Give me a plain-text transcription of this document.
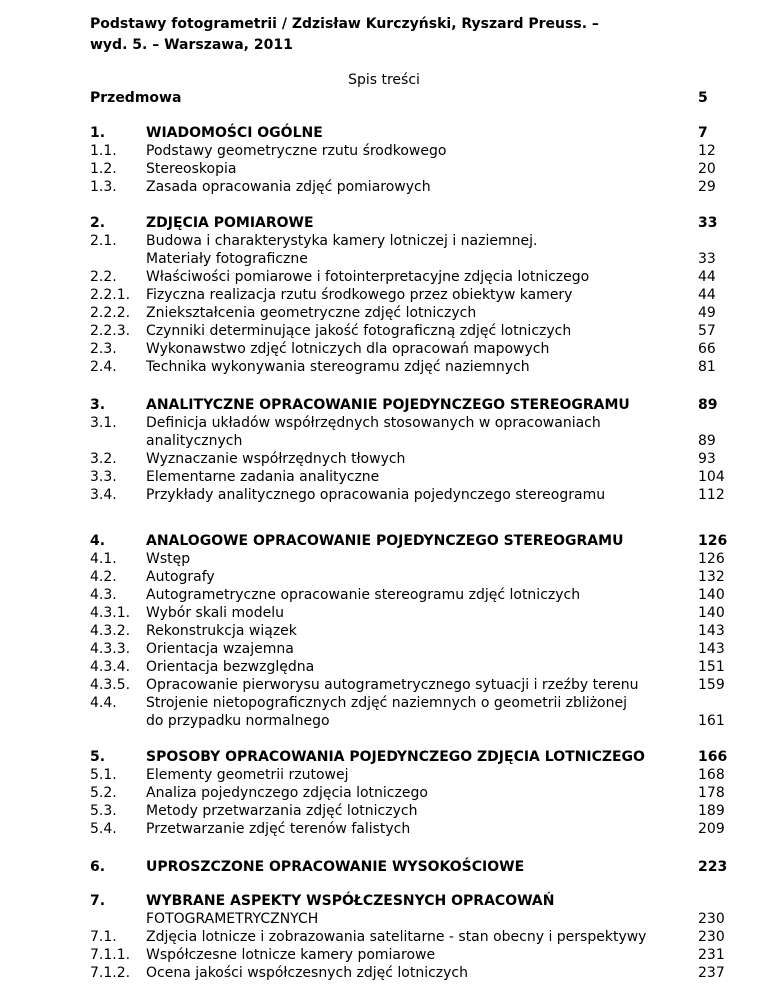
Podstawy fotogrametrii / Zdzisław Kurczyński, Ryszard Preuss. –
wyd. 5. – Warszawa, 2011
Spis treści
Przedmowa	5
1.	WIADOMOŚCI OGÓLNE	7
1.1. Podstawy geometryczne rzutu środkowego	12
1.2. Stereoskopia	20
1.3. Zasada opracowania zdjęć pomiarowych	29
2.	ZDJĘCIA POMIAROWE	33
2.1. Budowa i charakterystyka kamery lotniczej i naziemnej.
Materiały fotograficzne	33
2.2. Właściwości pomiarowe i fotointerpretacyjne zdjęcia lotniczego	44
2.2.1. Fizyczna realizacja rzutu środkowego przez obiektyw kamery	44
2.2.2. Zniekształcenia geometryczne zdjęć lotniczych	49
2.2.3. Czynniki determinujące jakość fotograficzną zdjęć lotniczych	57
2.3. Wykonawstwo zdjęć lotniczych dla opracowań mapowych	66
2.4. Technika wykonywania stereogramu zdjęć naziemnych	81
3.	ANALITYCZNE OPRACOWANIE POJEDYNCZEGO STEREOGRAMU	89
3.1. Definicja układów współrzędnych stosowanych w opracowaniach
analitycznych	89
3.2. Wyznaczanie współrzędnych tłowych	93
3.3. Elementarne zadania analityczne	104
3.4. Przykłady analitycznego opracowania pojedynczego stereogramu	112
4.	ANALOGOWE OPRACOWANIE POJEDYNCZEGO STEREOGRAMU	126
4.1. Wstęp	126
4.2. Autografy	132
4.3. Autogrametryczne opracowanie stereogramu zdjęć lotniczych	140
4.3.1. Wybór skali modelu	140
4.3.2. Rekonstrukcja wiązek	143
4.3.3. Orientacja wzajemna	143
4.3.4. Orientacja bezwzględna	151
4.3.5. Opracowanie pierworysu autogrametrycznego sytuacji i rzeźby terenu	159
4.4. Strojenie nietopograficznych zdjęć naziemnych o geometrii zbliżonej
do przypadku normalnego	161
5.	SPOSOBY OPRACOWANIA POJEDYNCZEGO ZDJĘCIA LOTNICZEGO	166
5.1. Elementy geometrii rzutowej	168
5.2. Analiza pojedynczego zdjęcia lotniczego	178
5.3. Metody przetwarzania zdjęć lotniczych	189
5.4. Przetwarzanie zdjęć terenów falistych	209
6.	UPROSZCZONE OPRACOWANIE WYSOKOŚCIOWE	223
7.	WYBRANE ASPEKTY WSPÓŁCZESNYCH OPRACOWAŃ
FOTOGRAMETRYCZNYCH	230
7.1. Zdjęcia lotnicze i zobrazowania satelitarne - stan obecny i perspektywy	230
7.1.1. Współczesne lotnicze kamery pomiarowe	231
7.1.2. Ocena jakości współczesnych zdjęć lotniczych	237
